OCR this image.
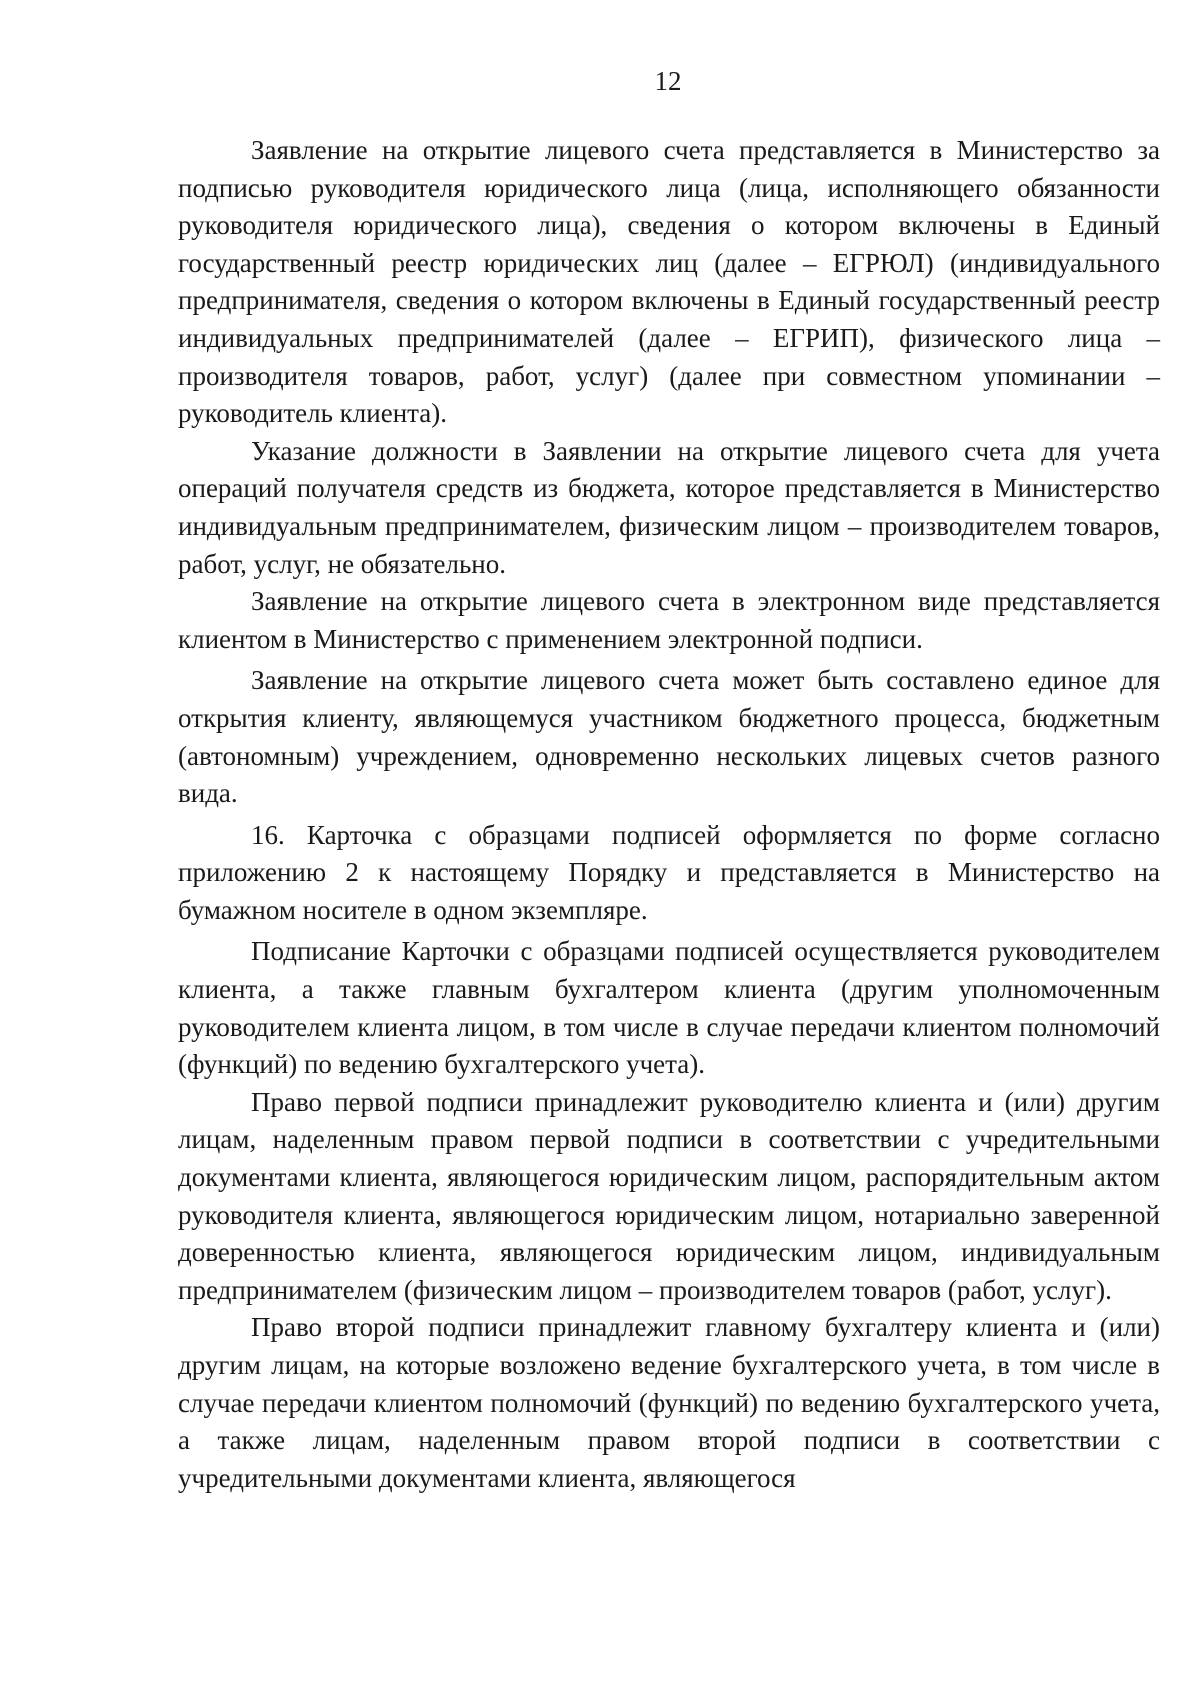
12

Заявление на открытие лицевого счета представляется в Министерство за подписью руководителя юридического лица (лица, исполняющего обязанности руководителя юридического лица), сведения о котором включены в Единый государственный реестр юридических лиц (далее – ЕГРЮЛ) (индивидуального предпринимателя, сведения о котором включены в Единый государственный реестр индивидуальных предпринимателей (далее – ЕГРИП), физического лица – производителя товаров, работ, услуг) (далее при совместном упоминании – руководитель клиента).

Указание должности в Заявлении на открытие лицевого счета для учета операций получателя средств из бюджета, которое представляется в Министерство индивидуальным предпринимателем, физическим лицом – производителем товаров, работ, услуг, не обязательно.

Заявление на открытие лицевого счета в электронном виде представляется клиентом в Министерство с применением электронной подписи.

Заявление на открытие лицевого счета может быть составлено единое для открытия клиенту, являющемуся участником бюджетного процесса, бюджетным (автономным) учреждением, одновременно нескольких лицевых счетов разного вида.

16. Карточка с образцами подписей оформляется по форме согласно приложению 2 к настоящему Порядку и представляется в Министерство на бумажном носителе в одном экземпляре.

Подписание Карточки с образцами подписей осуществляется руководителем клиента, а также главным бухгалтером клиента (другим уполномоченным руководителем клиента лицом, в том числе в случае передачи клиентом полномочий (функций) по ведению бухгалтерского учета).

Право первой подписи принадлежит руководителю клиента и (или) другим лицам, наделенным правом первой подписи в соответствии с учредительными документами клиента, являющегося юридическим лицом, распорядительным актом руководителя клиента, являющегося юридическим лицом, нотариально заверенной доверенностью клиента, являющегося юридическим лицом, индивидуальным предпринимателем (физическим лицом – производителем товаров (работ, услуг).

Право второй подписи принадлежит главному бухгалтеру клиента и (или) другим лицам, на которые возложено ведение бухгалтерского учета, в том числе в случае передачи клиентом полномочий (функций) по ведению бухгалтерского учета, а также лицам, наделенным правом второй подписи в соответствии с учредительными документами клиента, являющегося
